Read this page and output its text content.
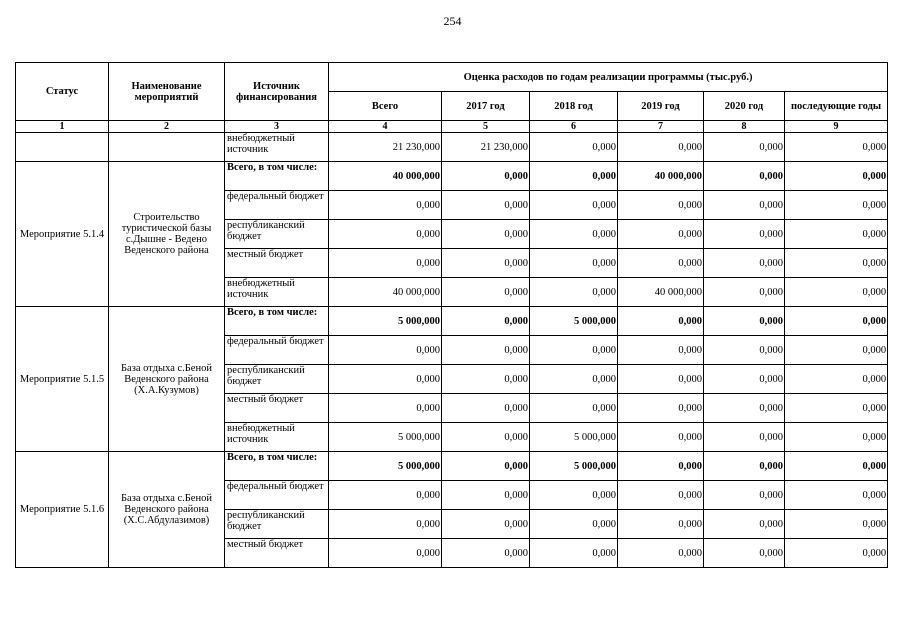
254
Статус	Наименование мероприятий	Источник финансирования	Оценка расходов по годам реализации программы (тыс.руб.)					
			Всего	2017 год	2018 год	2019 год	2020 год	последующие годы
1	2	3	4	5	6	7	8	9
		внебюджетный источник	21 230,000	21 230,000	0,000	0,000	0,000	0,000
Мероприятие 5.1.4	Строительство туристической базы с.Дышне - Ведено Веденского района	Всего, в том числе:	40 000,000	0,000	0,000	40 000,000	0,000	0,000
		федеральный бюджет	0,000	0,000	0,000	0,000	0,000	0,000
		республиканский бюджет	0,000	0,000	0,000	0,000	0,000	0,000
		местный бюджет	0,000	0,000	0,000	0,000	0,000	0,000
		внебюджетный источник	40 000,000	0,000	0,000	40 000,000	0,000	0,000
Мероприятие 5.1.5	База отдыха с.Беной Веденского района (Х.А.Кузумов)	Всего, в том числе:	5 000,000	0,000	5 000,000	0,000	0,000	0,000
		федеральный бюджет	0,000	0,000	0,000	0,000	0,000	0,000
		республиканский бюджет	0,000	0,000	0,000	0,000	0,000	0,000
		местный бюджет	0,000	0,000	0,000	0,000	0,000	0,000
		внебюджетный источник	5 000,000	0,000	5 000,000	0,000	0,000	0,000
Мероприятие 5.1.6	База отдыха с.Беной Веденского района (Х.С.Абдулазимов)	Всего, в том числе:	5 000,000	0,000	5 000,000	0,000	0,000	0,000
		федеральный бюджет	0,000	0,000	0,000	0,000	0,000	0,000
		республиканский бюджет	0,000	0,000	0,000	0,000	0,000	0,000
		местный бюджет	0,000	0,000	0,000	0,000	0,000	0,000
